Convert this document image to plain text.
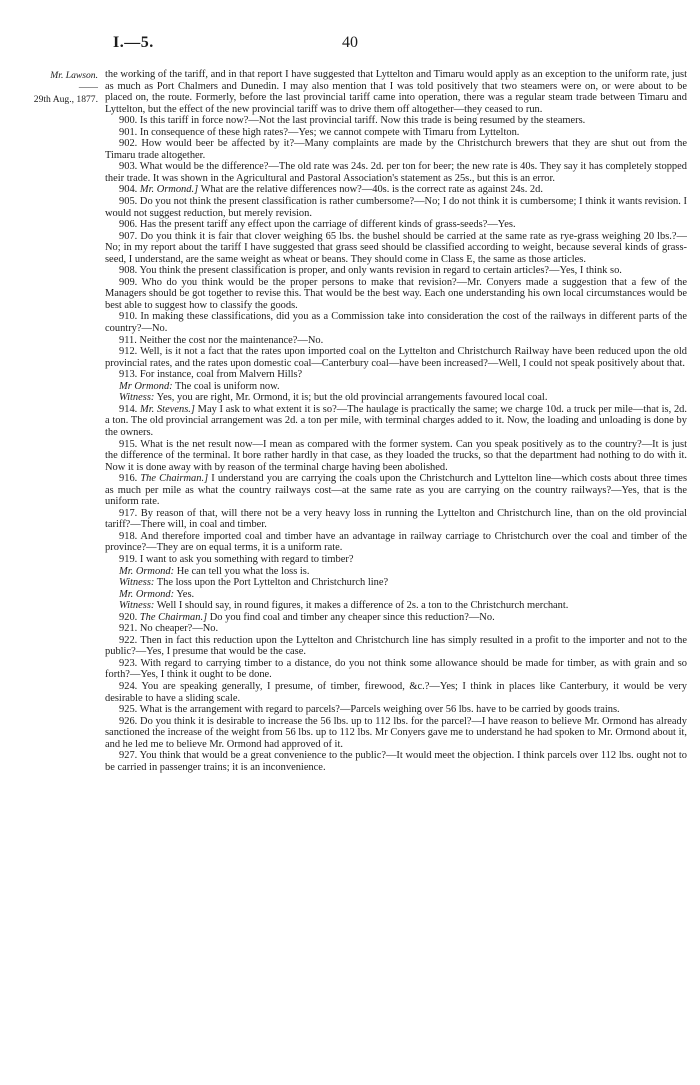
I.—5.	40
Mr. Lawson.
——
29th Aug., 1877.

the working of the tariff, and in that report I have suggested that Lyttelton and Timaru would apply as an exception to the uniform rate, just as much as Port Chalmers and Dunedin. I may also mention that I was told positively that two steamers were on, or were about to be placed on, the route. Formerly, before the last provincial tariff came into operation, there was a regular steam trade between Timaru and Lyttelton, but the effect of the new provincial tariff was to drive them off altogether—they ceased to run.

900. Is this tariff in force now?—Not the last provincial tariff. Now this trade is being resumed by the steamers.

901. In consequence of these high rates?—Yes; we cannot compete with Timaru from Lyttelton.

902. How would beer be affected by it?—Many complaints are made by the Christchurch brewers that they are shut out from the Timaru trade altogether.

903. What would be the difference?—The old rate was 24s. 2d. per ton for beer; the new rate is 40s. They say it has completely stopped their trade. It was shown in the Agricultural and Pastoral Association's statement as 25s., but this is an error.

904. Mr. Ormond.] What are the relative differences now?—40s. is the correct rate as against 24s. 2d.

905. Do you not think the present classification is rather cumbersome?—No; I do not think it is cumbersome; I think it wants revision. I would not suggest reduction, but merely revision.

906. Has the present tariff any effect upon the carriage of different kinds of grass-seeds?—Yes.

907. Do you think it is fair that clover weighing 65 lbs. the bushel should be carried at the same rate as rye-grass weighing 20 lbs.?—No; in my report about the tariff I have suggested that grass seed should be classified according to weight, because several kinds of grass-seed, I understand, are the same weight as wheat or beans. They should come in Class E, the same as those articles.

908. You think the present classification is proper, and only wants revision in regard to certain articles?—Yes, I think so.

909. Who do you think would be the proper persons to make that revision?—Mr. Conyers made a suggestion that a few of the Managers should be got together to revise this. That would be the best way. Each one understanding his own local circumstances would be best able to suggest how to classify the goods.

910. In making these classifications, did you as a Commission take into consideration the cost of the railways in different parts of the country?—No.

911. Neither the cost nor the maintenance?—No.

912. Well, is it not a fact that the rates upon imported coal on the Lyttelton and Christchurch Railway have been reduced upon the old provincial rates, and the rates upon domestic coal—Canterbury coal—have been increased?—Well, I could not speak positively about that.

913. For instance, coal from Malvern Hills?

Mr Ormond: The coal is uniform now.

Witness: Yes, you are right, Mr. Ormond, it is; but the old provincial arrangements favoured local coal.

914. Mr. Stevens.] May I ask to what extent it is so?—The haulage is practically the same; we charge 10d. a truck per mile—that is, 2d. a ton. The old provincial arrangement was 2d. a ton per mile, with terminal charges added to it. Now, the loading and unloading is done by the owners.

915. What is the net result now—I mean as compared with the former system. Can you speak positively as to the country?—It is just the difference of the terminal. It bore rather hardly in that case, as they loaded the trucks, so that the department had nothing to do with it. Now it is done away with by reason of the terminal charge having been abolished.

916. The Chairman.] I understand you are carrying the coals upon the Christchurch and Lyttelton line—which costs about three times as much per mile as what the country railways cost—at the same rate as you are carrying on the country railways?—Yes, that is the uniform rate.

917. By reason of that, will there not be a very heavy loss in running the Lyttelton and Christchurch line, than on the old provincial tariff?—There will, in coal and timber.

918. And therefore imported coal and timber have an advantage in railway carriage to Christchurch over the coal and timber of the province?—They are on equal terms, it is a uniform rate.

919. I want to ask you something with regard to timber?

Mr. Ormond: He can tell you what the loss is.

Witness: The loss upon the Port Lyttelton and Christchurch line?

Mr. Ormond: Yes.

Witness: Well I should say, in round figures, it makes a difference of 2s. a ton to the Christchurch merchant.

920. The Chairman.] Do you find coal and timber any cheaper since this reduction?—No.

921. No cheaper?—No.

922. Then in fact this reduction upon the Lyttelton and Christchurch line has simply resulted in a profit to the importer and not to the public?—Yes, I presume that would be the case.

923. With regard to carrying timber to a distance, do you not think some allowance should be made for timber, as with grain and so forth?—Yes, I think it ought to be done.

924. You are speaking generally, I presume, of timber, firewood, &c.?—Yes; I think in places like Canterbury, it would be very desirable to have a sliding scale.

925. What is the arrangement with regard to parcels?—Parcels weighing over 56 lbs. have to be carried by goods trains.

926. Do you think it is desirable to increase the 56 lbs. up to 112 lbs. for the parcel?—I have reason to believe Mr. Ormond has already sanctioned the increase of the weight from 56 lbs. up to 112 lbs. Mr Conyers gave me to understand he had spoken to Mr. Ormond about it, and he led me to believe Mr. Ormond had approved of it.

927. You think that would be a great convenience to the public?—It would meet the objection. I think parcels over 112 lbs. ought not to be carried in passenger trains; it is an inconvenience.
